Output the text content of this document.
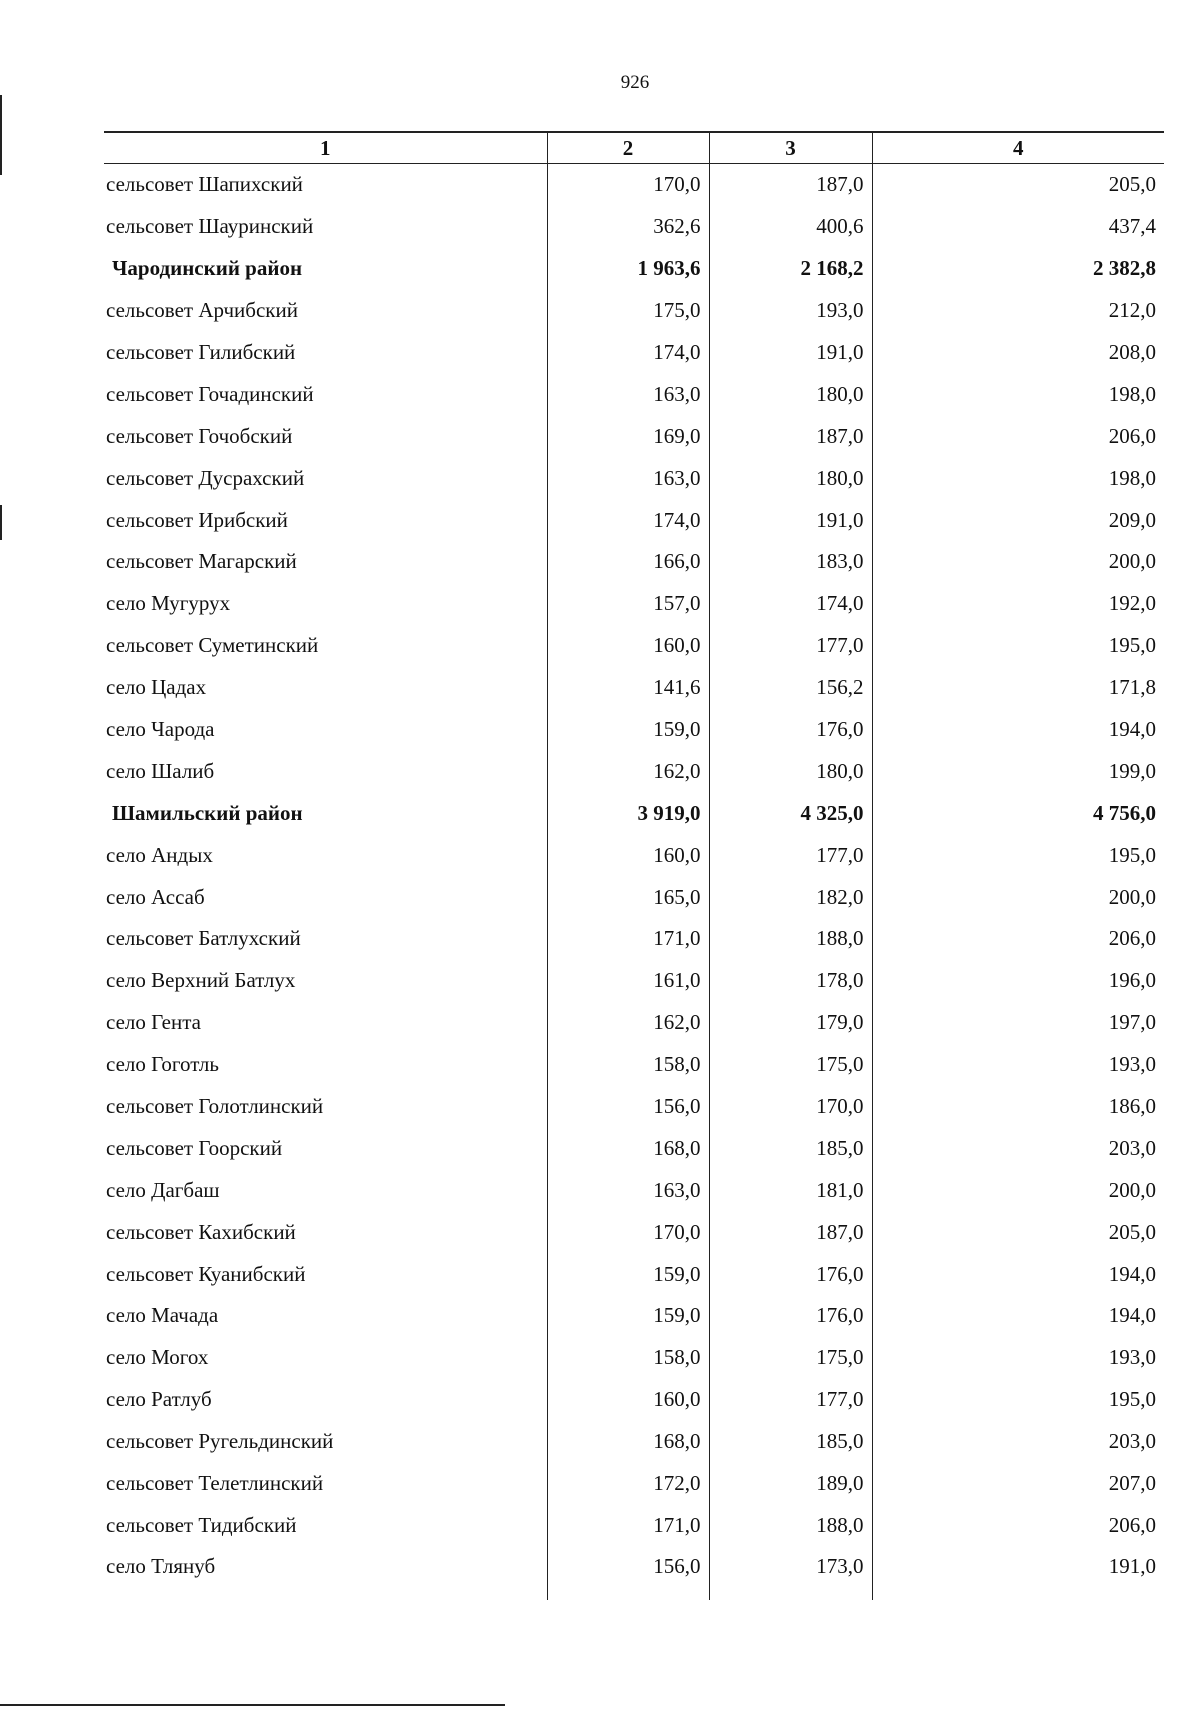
926
1	2	3	4
сельсовет Шапихский	170,0	187,0	205,0
сельсовет Шауринский	362,6	400,6	437,4
Чародинский район	1 963,6	2 168,2	2 382,8
сельсовет Арчибский	175,0	193,0	212,0
сельсовет Гилибский	174,0	191,0	208,0
сельсовет Гочадинский	163,0	180,0	198,0
сельсовет Гочобский	169,0	187,0	206,0
сельсовет Дусрахский	163,0	180,0	198,0
сельсовет Ирибский	174,0	191,0	209,0
сельсовет Магарский	166,0	183,0	200,0
село Мугурух	157,0	174,0	192,0
сельсовет Суметинский	160,0	177,0	195,0
село Цадах	141,6	156,2	171,8
село Чарода	159,0	176,0	194,0
село Шалиб	162,0	180,0	199,0
Шамильский район	3 919,0	4 325,0	4 756,0
село Андых	160,0	177,0	195,0
село Ассаб	165,0	182,0	200,0
сельсовет Батлухский	171,0	188,0	206,0
село Верхний Батлух	161,0	178,0	196,0
село Гента	162,0	179,0	197,0
село Гоготль	158,0	175,0	193,0
сельсовет Голотлинский	156,0	170,0	186,0
сельсовет Гоорский	168,0	185,0	203,0
село Дагбаш	163,0	181,0	200,0
сельсовет Кахибский	170,0	187,0	205,0
сельсовет Куанибский	159,0	176,0	194,0
село Мачада	159,0	176,0	194,0
село Могох	158,0	175,0	193,0
село Ратлуб	160,0	177,0	195,0
сельсовет Ругельдинский	168,0	185,0	203,0
сельсовет Телетлинский	172,0	189,0	207,0
сельсовет Тидибский	171,0	188,0	206,0
село Тлянуб	156,0	173,0	191,0
